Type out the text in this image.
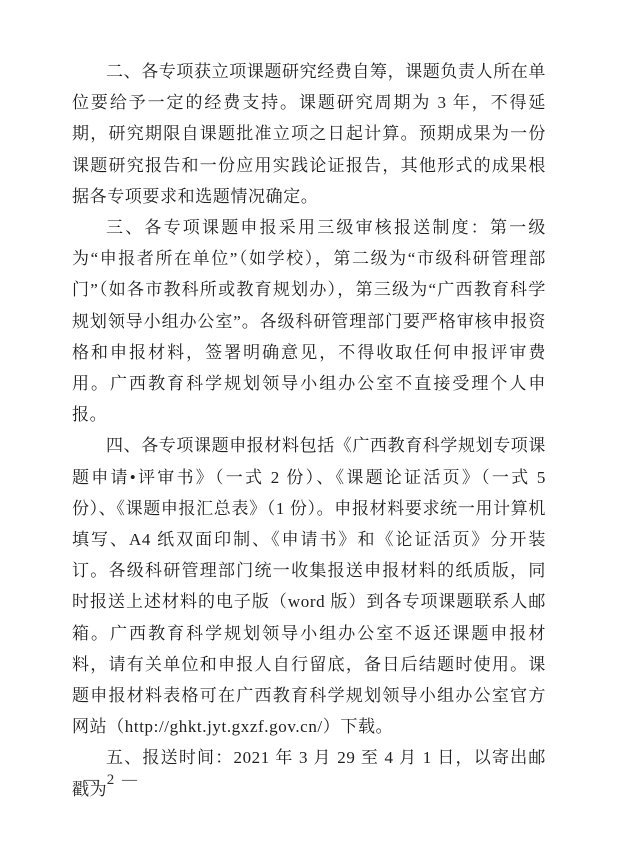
二、各专项获立项课题研究经费自筹，课题负责人所在单位要给予一定的经费支持。课题研究周期为 3 年，不得延期，研究期限自课题批准立项之日起计算。预期成果为一份课题研究报告和一份应用实践论证报告，其他形式的成果根据各专项要求和选题情况确定。

三、各专项课题申报采用三级审核报送制度：第一级为“申报者所在单位”（如学校），第二级为“市级科研管理部门”（如各市教科所或教育规划办），第三级为“广西教育科学规划领导小组办公室”。各级科研管理部门要严格审核申报资格和申报材料，签署明确意见，不得收取任何申报评审费用。广西教育科学规划领导小组办公室不直接受理个人申报。

四、各专项课题申报材料包括《广西教育科学规划专项课题申请•评审书》（一式 2 份）、《课题论证活页》（一式 5 份）、《课题申报汇总表》（1 份）。申报材料要求统一用计算机填写、A4 纸双面印制、《申请书》和《论证活页》分开装订。各级科研管理部门统一收集报送申报材料的纸质版，同时报送上述材料的电子版（word 版）到各专项课题联系人邮箱。广西教育科学规划领导小组办公室不返还课题申报材料，请有关单位和申报人自行留底，备日后结题时使用。课题申报材料表格可在广西教育科学规划领导小组办公室官方网站（http://ghkt.jyt.gxzf.gov.cn/）下载。

五、报送时间：2021 年 3 月 29 至 4 月 1 日，以寄出邮戳为

— 2 —
